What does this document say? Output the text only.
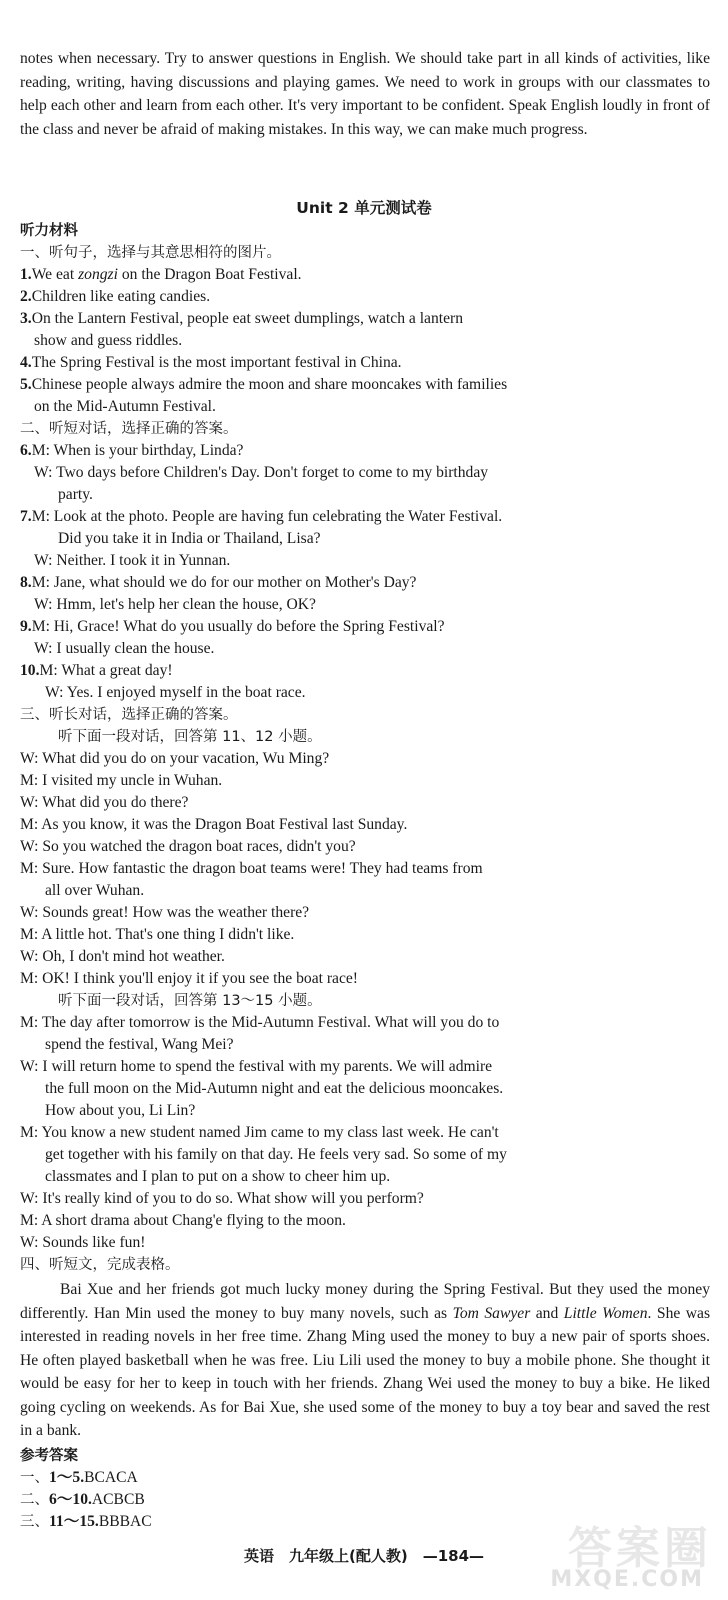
notes when necessary. Try to answer questions in English. We should take part in all kinds of activities, like reading, writing, having discussions and playing games. We need to work in groups with our classmates to help each other and learn from each other. It's very important to be confident. Speak English loudly in front of the class and never be afraid of making mistakes. In this way, we can make much progress.
Unit 2 单元测试卷
听力材料
一、听句子，选择与其意思相符的图片。
1.We eat zongzi on the Dragon Boat Festival.
2.Children like eating candies.
3.On the Lantern Festival, people eat sweet dumplings, watch a lantern
show and guess riddles.
4.The Spring Festival is the most important festival in China.
5.Chinese people always admire the moon and share mooncakes with families
on the Mid-Autumn Festival.
二、听短对话，选择正确的答案。
6.M: When is your birthday, Linda?
W: Two days before Children's Day. Don't forget to come to my birthday
party.
7.M: Look at the photo. People are having fun celebrating the Water Festival.
Did you take it in India or Thailand, Lisa?
W: Neither. I took it in Yunnan.
8.M: Jane, what should we do for our mother on Mother's Day?
W: Hmm, let's help her clean the house, OK?
9.M: Hi, Grace! What do you usually do before the Spring Festival?
W: I usually clean the house.
10.M: What a great day!
W: Yes. I enjoyed myself in the boat race.
三、听长对话，选择正确的答案。
听下面一段对话，回答第 11、12 小题。
W: What did you do on your vacation, Wu Ming?
M: I visited my uncle in Wuhan.
W: What did you do there?
M: As you know, it was the Dragon Boat Festival last Sunday.
W: So you watched the dragon boat races, didn't you?
M: Sure. How fantastic the dragon boat teams were! They had teams from
all over Wuhan.
W: Sounds great! How was the weather there?
M: A little hot. That's one thing I didn't like.
W: Oh, I don't mind hot weather.
M: OK! I think you'll enjoy it if you see the boat race!
听下面一段对话，回答第 13～15 小题。
M: The day after tomorrow is the Mid-Autumn Festival. What will you do to
spend the festival, Wang Mei?
W: I will return home to spend the festival with my parents. We will admire
the full moon on the Mid-Autumn night and eat the delicious mooncakes.
How about you, Li Lin?
M: You know a new student named Jim came to my class last week. He can't
get together with his family on that day. He feels very sad. So some of my
classmates and I plan to put on a show to cheer him up.
W: It's really kind of you to do so. What show will you perform?
M: A short drama about Chang'e flying to the moon.
W: Sounds like fun!
四、听短文，完成表格。
Bai Xue and her friends got much lucky money during the Spring Festival. But they used the money differently. Han Min used the money to buy many novels, such as Tom Sawyer and Little Women. She was interested in reading novels in her free time. Zhang Ming used the money to buy a new pair of sports shoes. He often played basketball when he was free. Liu Lili used the money to buy a mobile phone. She thought it would be easy for her to keep in touch with her friends. Zhang Wei used the money to buy a bike. He liked going cycling on weekends. As for Bai Xue, she used some of the money to buy a toy bear and saved the rest in a bank.
参考答案
一、1～5.BCACA
二、6～10.ACBCB
三、11～15.BBBAC
英语　九年级上(配人教)　—184—	答案圈
MXQE.COM
